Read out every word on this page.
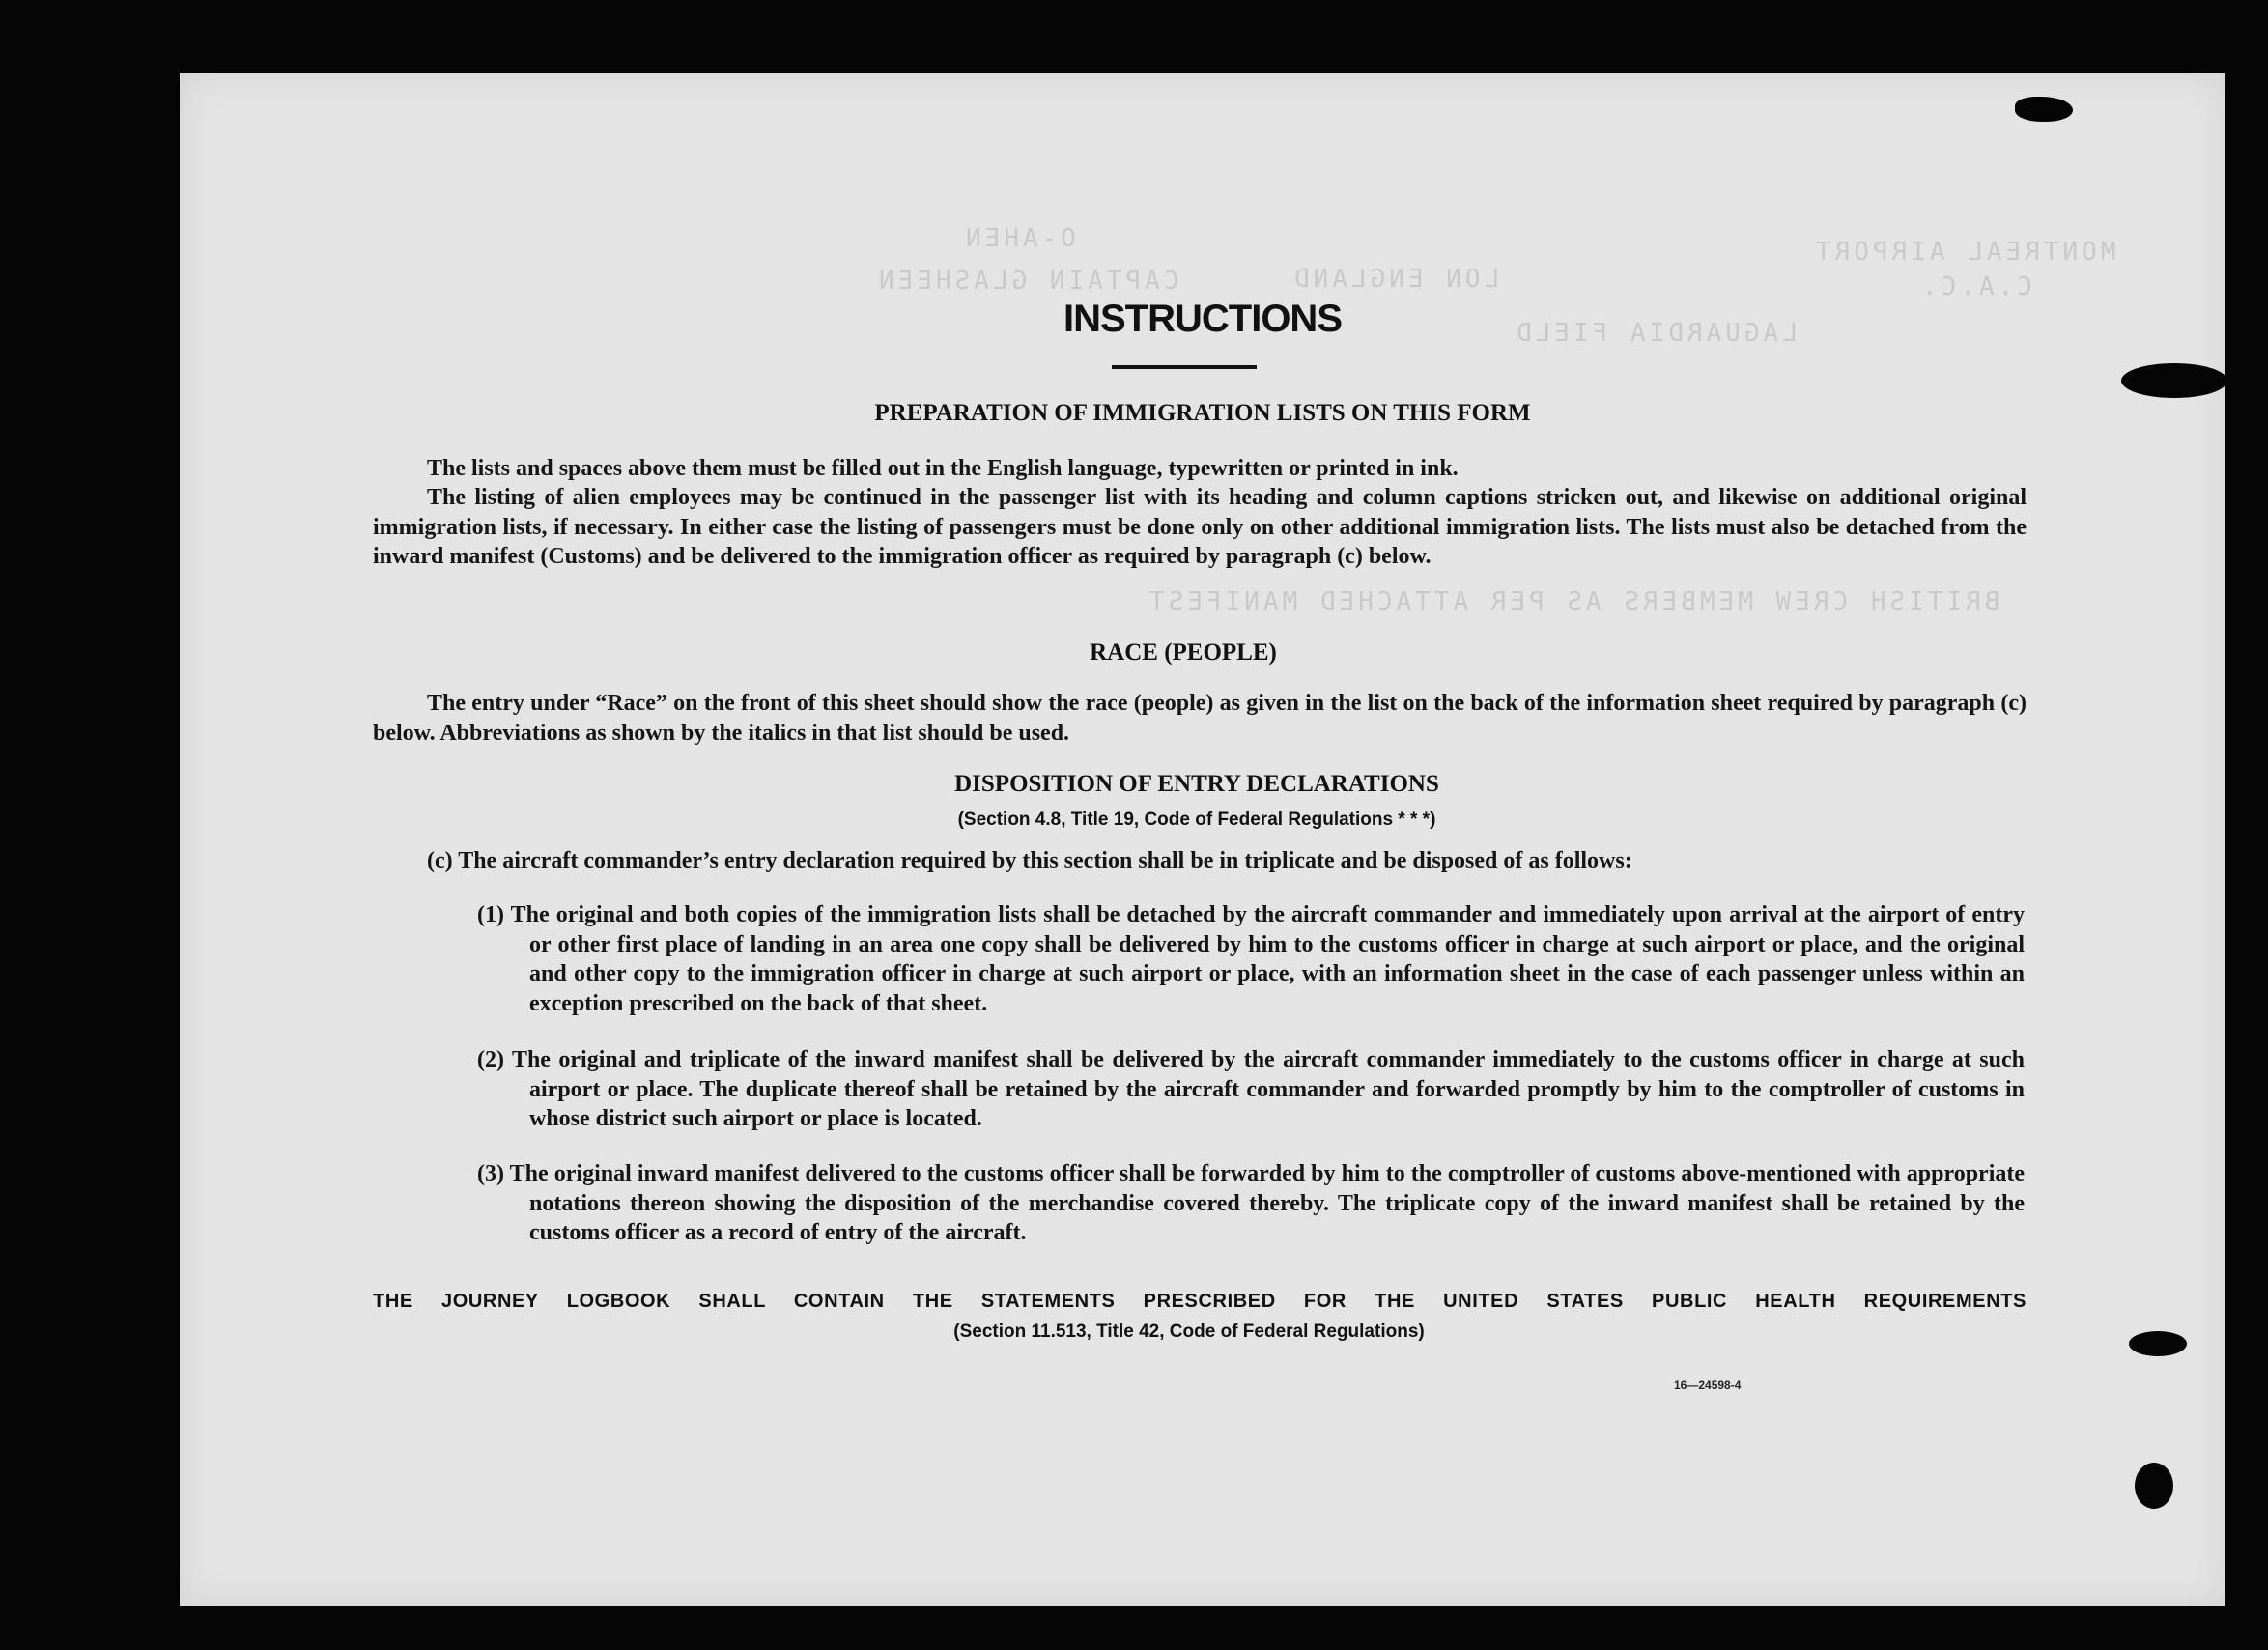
MONTREAL AIRPORT
C.A.C.
O-AHEN
CAPTAIN GLASHEEN	LON ENGLAND
LAGUARDIA FIELD
BRITISH CREW MEMBERS AS PER ATTACHED MANIFEST
INSTRUCTIONS
PREPARATION OF IMMIGRATION LISTS ON THIS FORM
The lists and spaces above them must be filled out in the English language, typewritten or printed in ink.
The listing of alien employees may be continued in the passenger list with its heading and column captions stricken out, and likewise on additional original immigration lists, if necessary. In either case the listing of passengers must be done only on other additional immigration lists. The lists must also be detached from the inward manifest (Customs) and be delivered to the immigration officer as required by paragraph (c) below.
RACE (PEOPLE)
The entry under “Race” on the front of this sheet should show the race (people) as given in the list on the back of the information sheet required by paragraph (c) below. Abbreviations as shown by the italics in that list should be used.
DISPOSITION OF ENTRY DECLARATIONS
(Section 4.8, Title 19, Code of Federal Regulations * * *)
(c) The aircraft commander’s entry declaration required by this section shall be in triplicate and be disposed of as follows:
(1) The original and both copies of the immigration lists shall be detached by the aircraft commander and immediately upon arrival at the airport of entry or other first place of landing in an area one copy shall be delivered by him to the customs officer in charge at such airport or place, and the original and other copy to the immigration officer in charge at such airport or place, with an information sheet in the case of each passenger unless within an exception prescribed on the back of that sheet.
(2) The original and triplicate of the inward manifest shall be delivered by the aircraft commander immediately to the customs officer in charge at such airport or place. The duplicate thereof shall be retained by the aircraft commander and forwarded promptly by him to the comptroller of customs in whose district such airport or place is located.
(3) The original inward manifest delivered to the customs officer shall be forwarded by him to the comptroller of customs above-mentioned with appropriate notations thereon showing the disposition of the merchandise covered thereby. The triplicate copy of the inward manifest shall be retained by the customs officer as a record of entry of the aircraft.
THE JOURNEY LOGBOOK SHALL CONTAIN THE STATEMENTS PRESCRIBED FOR THE UNITED STATES PUBLIC HEALTH REQUIREMENTS
(Section 11.513, Title 42, Code of Federal Regulations)
16—24598-4
